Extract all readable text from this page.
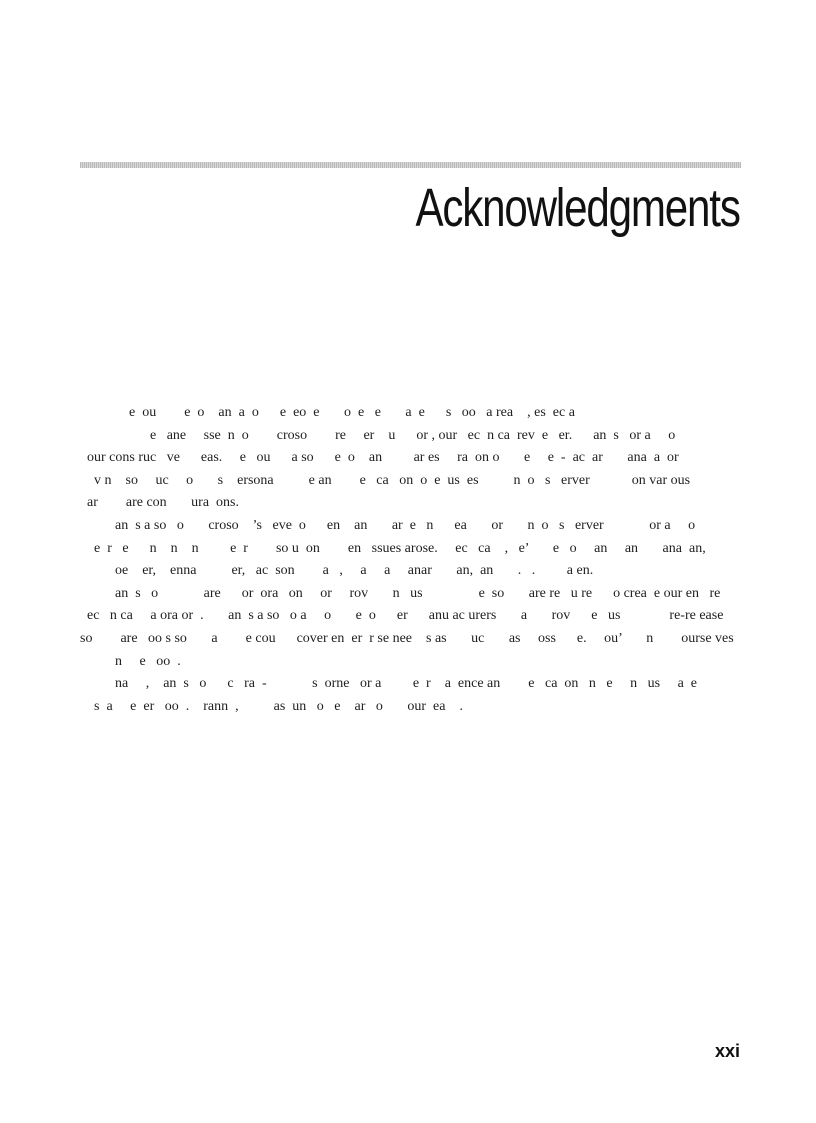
Acknowledgments
e  ou        e  o    an  a  o      e  eo  e       o  e   e       a  e      s   oo   a rea    , es  ec a
e   ane     sse  n  o        croso        re     er    u      or , our   ec  n ca  rev  e   er.      an  s   or a     o
our cons ruc   ve      eas.     e   ou      a so      e  o    an         ar es     ra  on o       e     e  -  ac  ar       ana  a  or
v n    so     uc     o       s    ersona          e an        e   ca   on  o  e  us  es          n  o   s   erver            on var ous
ar        are con       ura  ons.
an  s a so   o       croso    ’s   eve  o      en    an       ar  e   n      ea       or       n  o   s   erver             or a     o
e  r   e      n    n    n         e  r        so u  on        en   ssues arose.     ec   ca    ,   e’       e   o     an     an       ana  an,
oe    er,    enna          er,   ac  son        a   ,     a     a     anar       an,  an       .   .         a en.
an  s   o             are      or  ora   on     or     rov       n   us                e  so       are re   u re      o crea  e our en   re
ec   n ca     a ora or  .       an  s a so   o a     o       e  o      er      anu ac urers       a       rov      e   us              re-re ease
so        are   oo s so       a        e cou      cover en  er  r se nee    s as       uc       as     oss      e.     ou’       n        ourse ves
n     e   oo  .
na     ,    an  s   o      c   ra  -             s  orne   or a         e  r    a  ence an        e   ca  on   n   e     n   us     a  e
s  a     e  er   oo  .    rann  ,          as  un   o   e    ar   o       our  ea    .
xxi
